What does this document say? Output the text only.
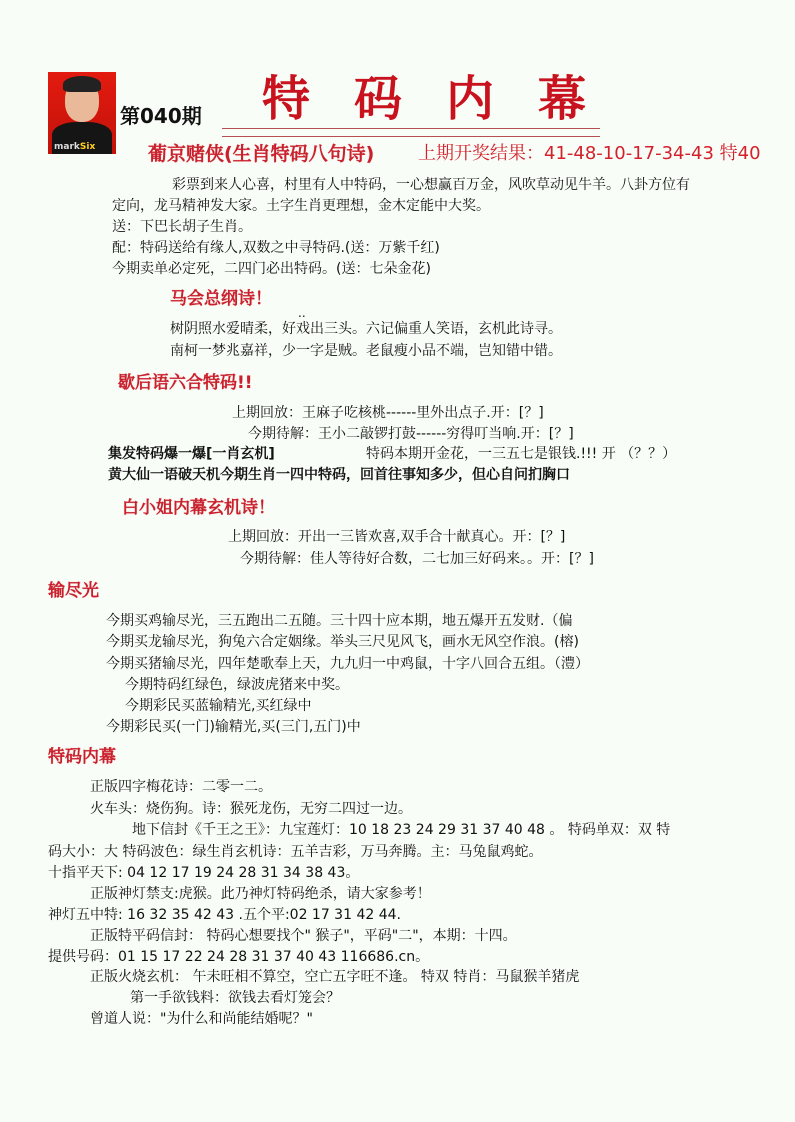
markSix
第040期 特码内幕
葡京赌侠(生肖特码八句诗) 上期开奖结果：41-48-10-17-34-43 特40
彩票到来人心喜，村里有人中特码，一心想赢百万金，风吹草动见牛羊。八卦方位有
定向，龙马精神发大家。土字生肖更理想，金木定能中大奖。
送：下巴长胡子生肖。
配：特码送给有缘人,双数之中寻特码.(送：万紫千红)
今期卖单必定死，二四门必出特码。(送：七朵金花)
马会总纲诗！
..
树阴照水爱晴柔，好戏出三头。六记偏重人笑语，玄机此诗寻。
南柯一梦兆嘉祥，少一字是贼。老鼠瘦小品不端，岂知错中错。
歇后语六合特码!!
上期回放：王麻子吃核桃------里外出点子.开：[？]
今期待解：王小二敲锣打鼓------穷得叮当响.开：[？]
集发特码爆一爆[一肖玄机]	特码本期开金花，一三五七是银钱.!!! 开 （？？）
黄大仙一语破天机今期生肖一四中特码，回首往事知多少，但心自问扪胸口
白小姐内幕玄机诗！
上期回放：开出一三皆欢喜,双手合十献真心。开：[？]
今期待解：佳人等待好合数，二七加三好码来。。开：[？]
输尽光
今期买鸡输尽光，三五跑出二五随。三十四十应本期，地五爆开五发财.（偏
今期买龙输尽光，狗兔六合定姻缘。举头三尺见风飞，画水无风空作浪。(榕)
今期买猪输尽光，四年楚歌奉上天，九九归一中鸡鼠，十字八回合五组。（澧）
今期特码红绿色，绿波虎猪来中奖。
今期彩民买蓝输精光,买红绿中
今期彩民买(一门)输精光,买(三门,五门)中
特码内幕
正版四字梅花诗：二零一二。
火车头：烧伤狗。诗：猴死龙伤，无穷二四过一边。
地下信封《千王之王》：九宝莲灯：10 18 23 24 29 31 37 40 48 。 特码单双：双 特
码大小：大 特码波色：绿生肖玄机诗：五羊吉彩，万马奔腾。主：马兔鼠鸡蛇。
十指平天下: 04 12 17 19 24 28 31 34 38 43。
正版神灯禁支:虎猴。此乃神灯特码绝杀，请大家参考！
神灯五中特: 16 32 35 42 43 .五个平:02 17 31 42 44.
正版特平码信封： 特码心想要找个" 猴子"，平码"二"，本期：十四。
提供号码：01 15 17 22 24 28 31 37 40 43 116686.cn。
正版火烧玄机： 午未旺相不算空，空亡五字旺不逢。 特双 特肖：马鼠猴羊猪虎
第一手欲钱料：欲钱去看灯笼会？
曾道人说："为什么和尚能结婚呢？"
